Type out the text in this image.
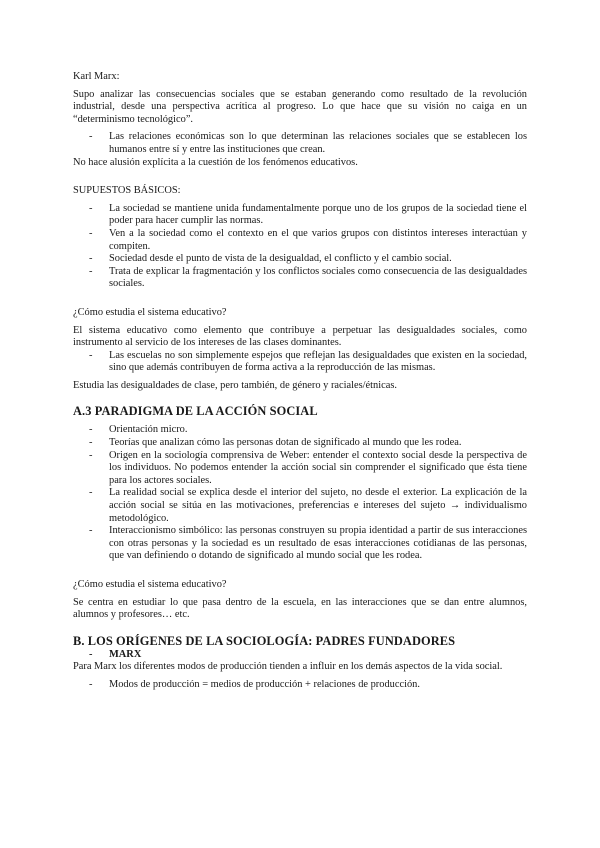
Karl Marx:

Supo analizar las consecuencias sociales que se estaban generando como resultado de la revolución industrial, desde una perspectiva acrítica al progreso. Lo que hace que su visión no caiga en un “determinismo tecnológico”.

- Las relaciones económicas son lo que determinan las relaciones sociales que se establecen los humanos entre sí y entre las instituciones que crean.

No hace alusión explícita a la cuestión de los fenómenos educativos.

SUPUESTOS BÁSICOS:

- La sociedad se mantiene unida fundamentalmente porque uno de los grupos de la sociedad tiene el poder para hacer cumplir las normas.
- Ven a la sociedad como el contexto en el que varios grupos con distintos intereses interactúan y compiten.
- Sociedad desde el punto de vista de la desigualdad, el conflicto y el cambio social.
- Trata de explicar la fragmentación y los conflictos sociales como consecuencia de las desigualdades sociales.

¿Cómo estudia el sistema educativo?

El sistema educativo como elemento que contribuye a perpetuar las desigualdades sociales, como instrumento al servicio de los intereses de las clases dominantes.

- Las escuelas no son simplemente espejos que reflejan las desigualdades que existen en la sociedad, sino que además contribuyen de forma activa a la reproducción de las mismas.

Estudia las desigualdades de clase, pero también, de género y raciales/étnicas.

A.3 PARADIGMA DE LA ACCIÓN SOCIAL
- Orientación micro.
- Teorías que analizan cómo las personas dotan de significado al mundo que les rodea.
- Origen en la sociología comprensiva de Weber: entender el contexto social desde la perspectiva de los individuos. No podemos entender la acción social sin comprender el significado que ésta tiene para los actores sociales.
- La realidad social se explica desde el interior del sujeto, no desde el exterior. La explicación de la acción social se sitúa en las motivaciones, preferencias e intereses del sujeto → individualismo metodológico.
- Interaccionismo simbólico: las personas construyen su propia identidad a partir de sus interacciones con otras personas y la sociedad es un resultado de esas interacciones cotidianas de las personas, que van definiendo o dotando de significado al mundo social que les rodea.

¿Cómo estudia el sistema educativo?

Se centra en estudiar lo que pasa dentro de la escuela, en las interacciones que se dan entre alumnos, alumnos y profesores… etc.

B. LOS ORÍGENES DE LA SOCIOLOGÍA: PADRES FUNDADORES
- MARX

Para Marx los diferentes modos de producción tienden a influir en los demás aspectos de la vida social.

- Modos de producción = medios de producción + relaciones de producción.
